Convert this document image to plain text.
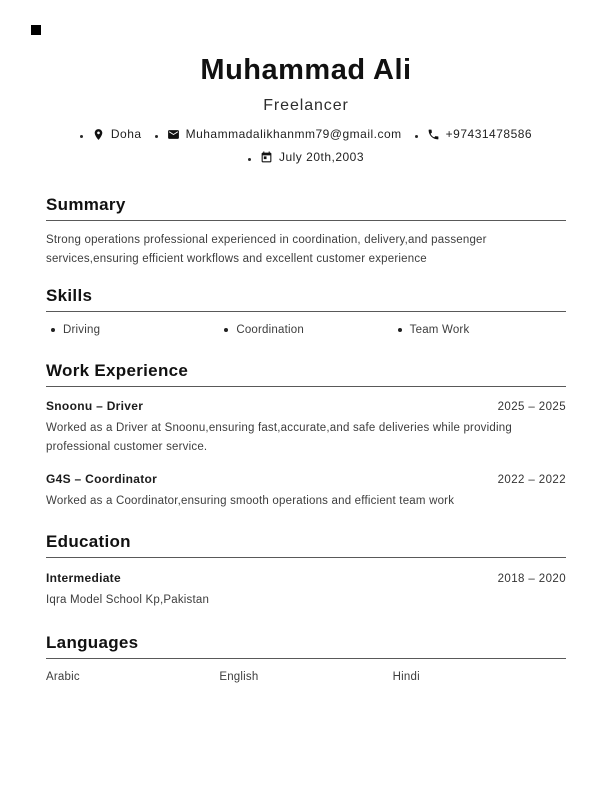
Muhammad Ali
Freelancer
Doha	Muhammadalikhanmm79@gmail.com	+97431478586
July 20th,2003
Summary

Strong operations professional experienced in coordination, delivery,and passenger services,ensuring efficient workflows and excellent customer experience

Skills
Driving	Coordination	Team Work
Work Experience
Snoonu – Driver	2025 – 2025

Worked as a Driver at Snoonu,ensuring fast,accurate,and safe deliveries while providing professional customer service.

G4S – Coordinator	2022 – 2022

Worked as a Coordinator,ensuring smooth operations and efficient team work

Education
Intermediate	2018 – 2020

Iqra Model School Kp,Pakistan

Languages
Arabic	English	Hindi
